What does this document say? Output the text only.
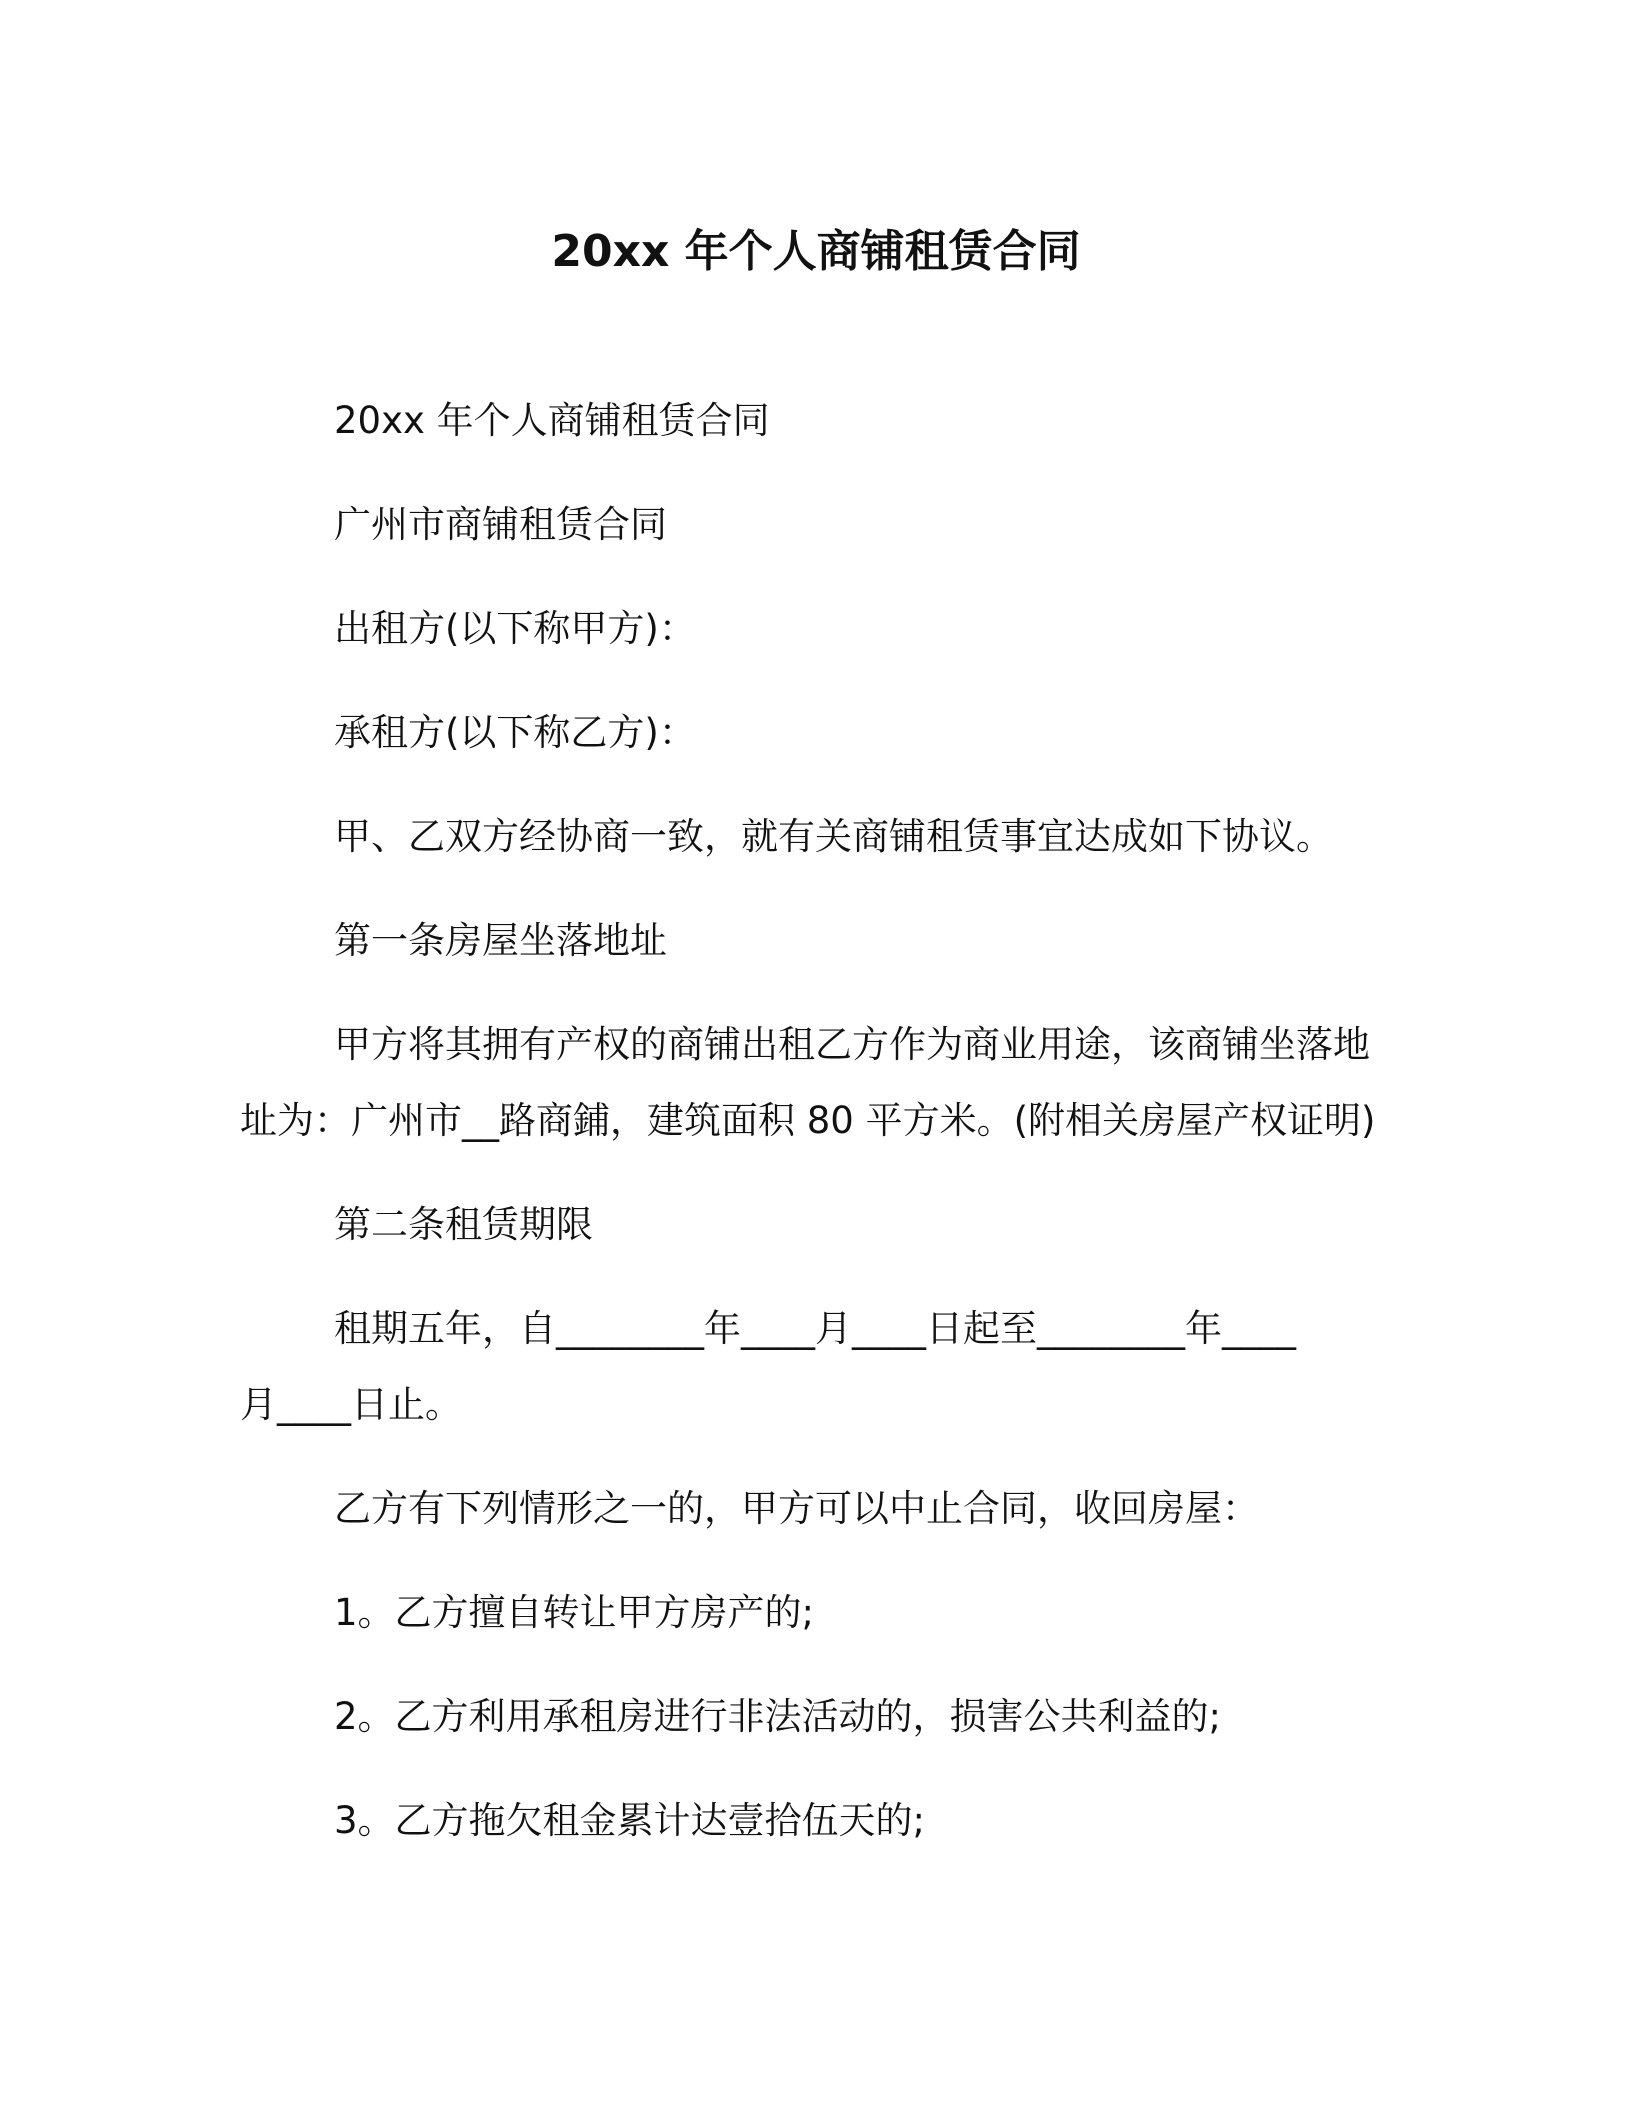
20xx 年个人商铺租赁合同
20xx 年个人商铺租赁合同
广州市商铺租赁合同
出租方(以下称甲方)：
承租方(以下称乙方)：
甲、乙双方经协商一致，就有关商铺租赁事宜达成如下协议。
第一条房屋坐落地址
甲方将其拥有产权的商铺出租乙方作为商业用途，该商铺坐落地
址为：广州市__路商鋪，建筑面积 80 平方米。(附相关房屋产权证明)
第二条租赁期限
租期五年，自________年____月____日起至________年____
月____日止。
乙方有下列情形之一的，甲方可以中止合同，收回房屋：
1。乙方擅自转让甲方房产的;
2。乙方利用承租房进行非法活动的，损害公共利益的;
3。乙方拖欠租金累计达壹拾伍天的;
